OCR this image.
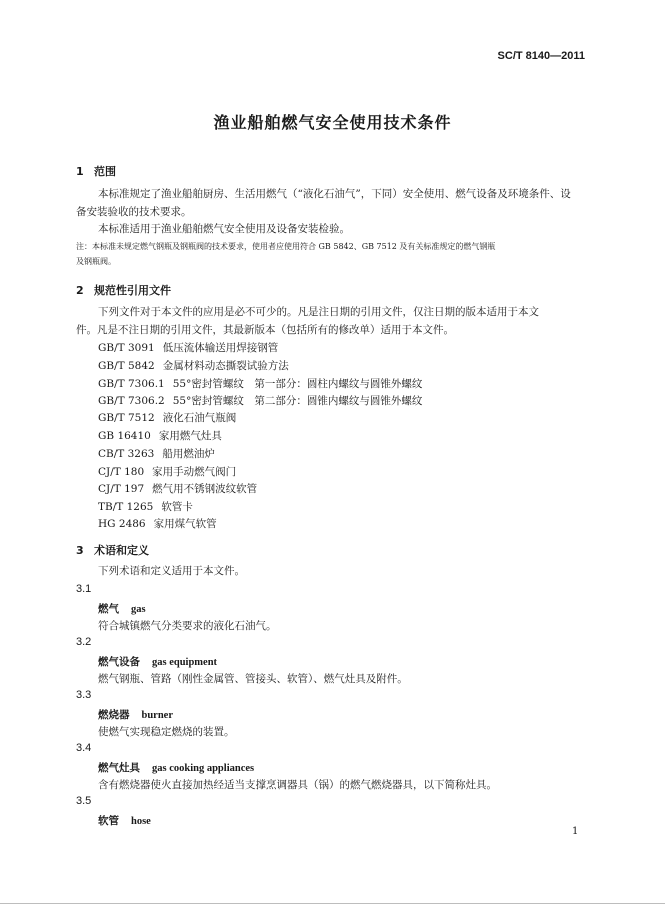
SC/T 8140—2011
渔业船舶燃气安全使用技术条件
1 范围
本标准规定了渔业船舶厨房、生活用燃气（“液化石油气”，下同）安全使用、燃气设备及环境条件、设
备安装验收的技术要求。
本标准适用于渔业船舶燃气安全使用及设备安装检验。
注：本标准未规定燃气钢瓶及钢瓶阀的技术要求，使用者应使用符合 GB 5842、GB 7512 及有关标准规定的燃气钢瓶
及钢瓶阀。
2 规范性引用文件
下列文件对于本文件的应用是必不可少的。凡是注日期的引用文件，仅注日期的版本适用于本文
件。凡是不注日期的引用文件，其最新版本（包括所有的修改单）适用于本文件。
GB/T 3091 低压流体输送用焊接钢管
GB/T 5842 金属材料动态撕裂试验方法
GB/T 7306.1 55°密封管螺纹　第一部分：圆柱内螺纹与圆锥外螺纹
GB/T 7306.2 55°密封管螺纹　第二部分：圆锥内螺纹与圆锥外螺纹
GB/T 7512 液化石油气瓶阀
GB 16410 家用燃气灶具
CB/T 3263 船用燃油炉
CJ/T 180 家用手动燃气阀门
CJ/T 197 燃气用不锈钢波纹软管
TB/T 1265 软管卡
HG 2486 家用煤气软管
3 术语和定义
下列术语和定义适用于本文件。
3.1
燃气 gas
符合城镇燃气分类要求的液化石油气。
3.2
燃气设备 gas equipment
燃气钢瓶、管路（刚性金属管、管接头、软管）、燃气灶具及附件。
3.3
燃烧器 burner
使燃气实现稳定燃烧的装置。
3.4
燃气灶具 gas cooking appliances
含有燃烧器使火直接加热经适当支撑烹调器具（锅）的燃气燃烧器具，以下简称灶具。
3.5
软管 hose
1
